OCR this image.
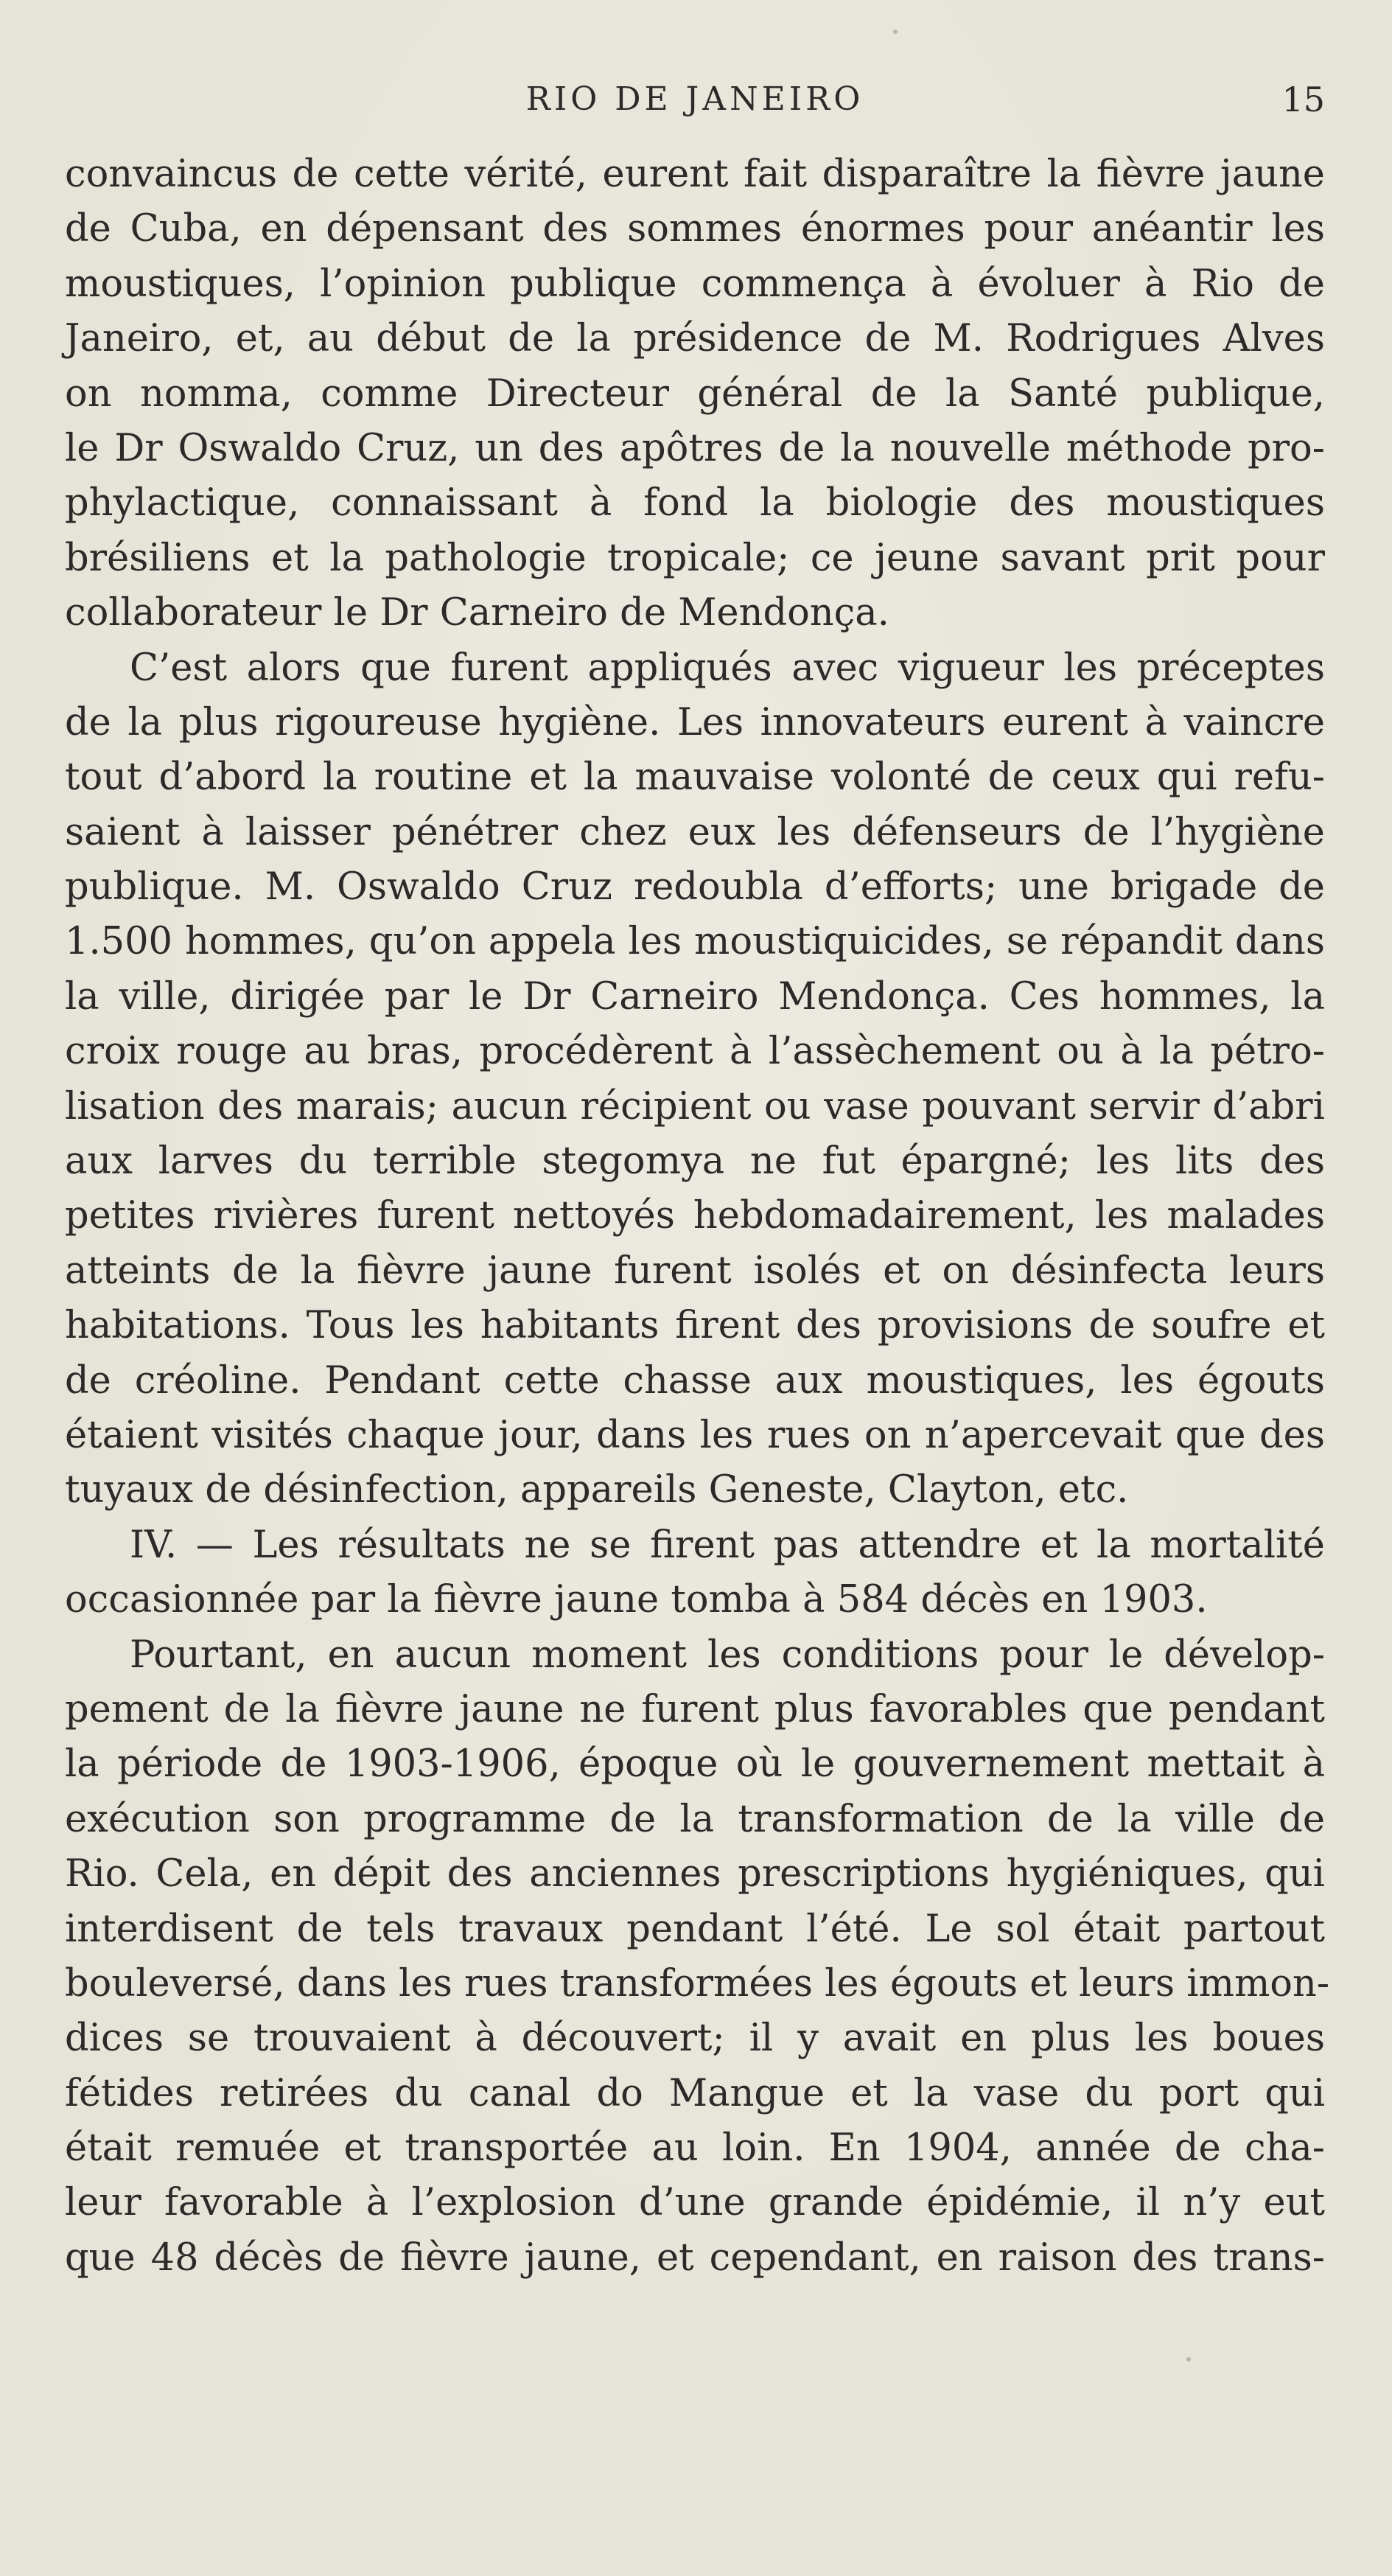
RIO DE JANEIRO	15
convaincus de cette vérité, eurent fait disparaître la fièvre jaune
de Cuba, en dépensant des sommes énormes pour anéantir les
moustiques, l’opinion publique commença à évoluer à Rio de
Janeiro, et, au début de la présidence de M. Rodrigues Alves
on nomma, comme Directeur général de la Santé publique,
le Dr Oswaldo Cruz, un des apôtres de la nouvelle méthode pro-
phylactique, connaissant à fond la biologie des moustiques
brésiliens et la pathologie tropicale; ce jeune savant prit pour
collaborateur le Dr Carneiro de Mendonça.
C’est alors que furent appliqués avec vigueur les préceptes
de la plus rigoureuse hygiène. Les innovateurs eurent à vaincre
tout d’abord la routine et la mauvaise volonté de ceux qui refu-
saient à laisser pénétrer chez eux les défenseurs de l’hygiène
publique. M. Oswaldo Cruz redoubla d’efforts; une brigade de
1.500 hommes, qu’on appela les moustiquicides, se répandit dans
la ville, dirigée par le Dr Carneiro Mendonça. Ces hommes, la
croix rouge au bras, procédèrent à l’assèchement ou à la pétro-
lisation des marais; aucun récipient ou vase pouvant servir d’abri
aux larves du terrible stegomya ne fut épargné; les lits des
petites rivières furent nettoyés hebdomadairement, les malades
atteints de la fièvre jaune furent isolés et on désinfecta leurs
habitations. Tous les habitants firent des provisions de soufre et
de créoline. Pendant cette chasse aux moustiques, les égouts
étaient visités chaque jour, dans les rues on n’apercevait que des
tuyaux de désinfection, appareils Geneste, Clayton, etc.
IV. — Les résultats ne se firent pas attendre et la mortalité
occasionnée par la fièvre jaune tomba à 584 décès en 1903.
Pourtant, en aucun moment les conditions pour le dévelop-
pement de la fièvre jaune ne furent plus favorables que pendant
la période de 1903-1906, époque où le gouvernement mettait à
exécution son programme de la transformation de la ville de
Rio. Cela, en dépit des anciennes prescriptions hygiéniques, qui
interdisent de tels travaux pendant l’été. Le sol était partout
bouleversé, dans les rues transformées les égouts et leurs immon-
dices se trouvaient à découvert; il y avait en plus les boues
fétides retirées du canal do Mangue et la vase du port qui
était remuée et transportée au loin. En 1904, année de cha-
leur favorable à l’explosion d’une grande épidémie, il n’y eut
que 48 décès de fièvre jaune, et cependant, en raison des trans-
